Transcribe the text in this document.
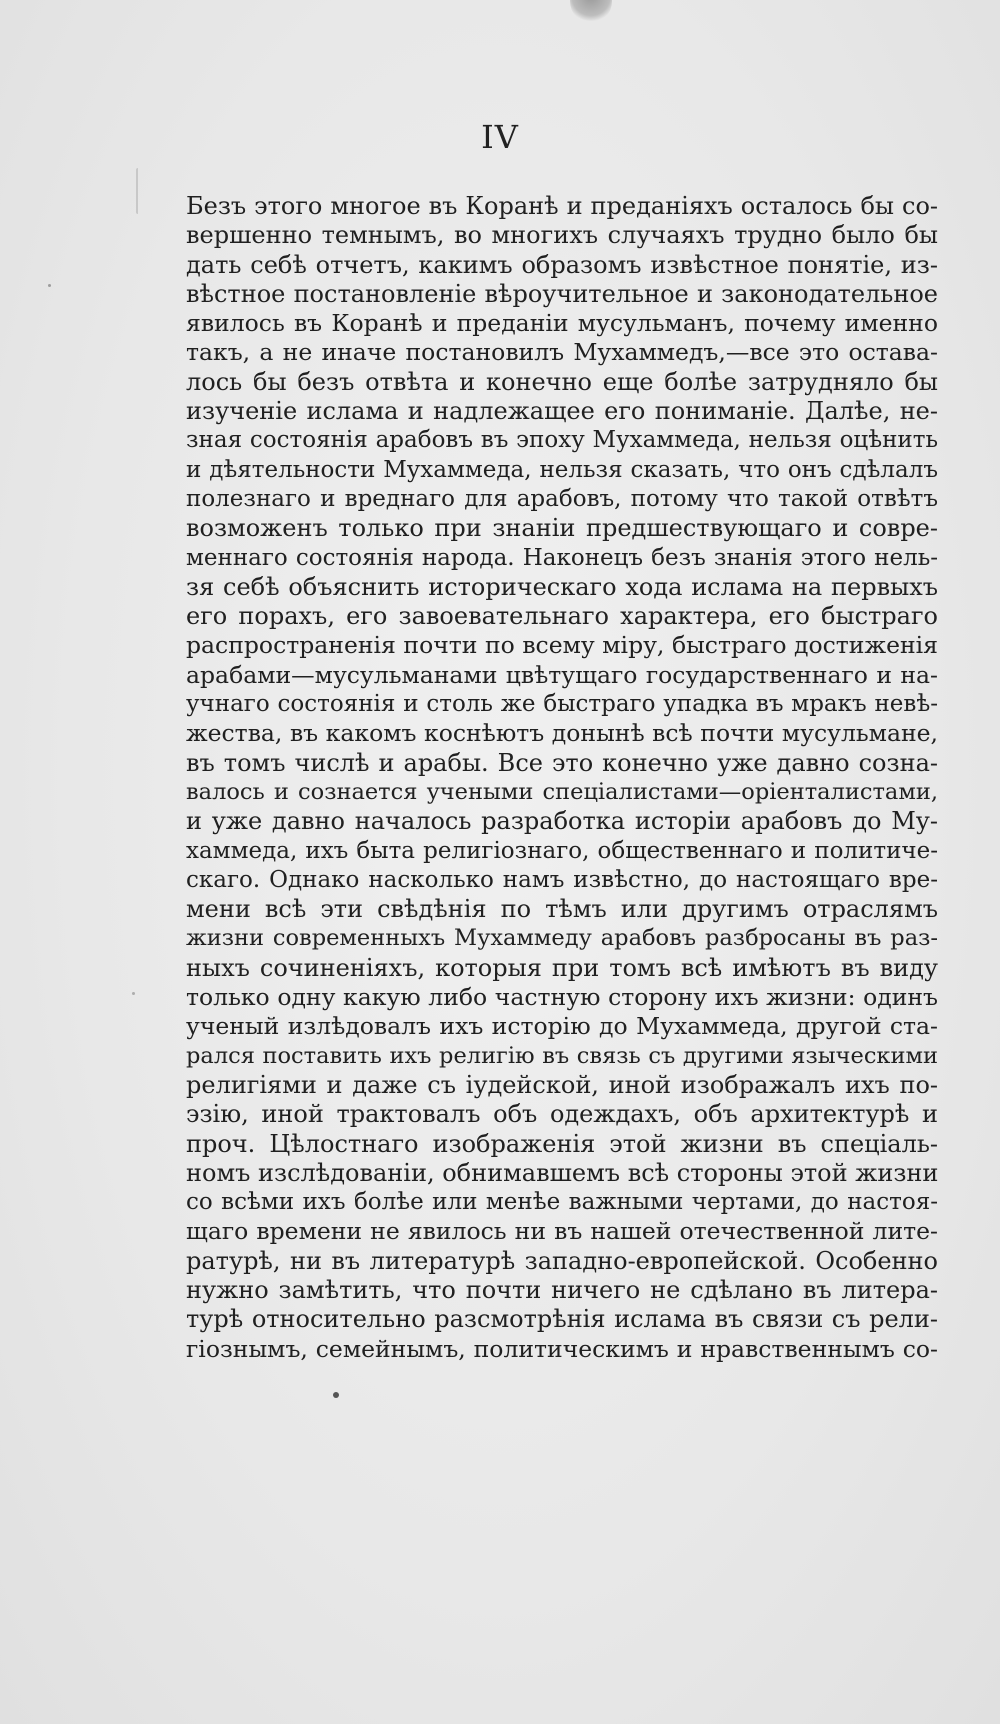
IV
Безъ этого многое въ Коранѣ и преданіяхъ осталось бы со-
вершенно темнымъ, во многихъ случаяхъ трудно было бы
дать себѣ отчетъ, какимъ образомъ извѣстное понятіе, из-
вѣстное постановленіе вѣроучительное и законодательное
явилось въ Коранѣ и преданіи мусульманъ, почему именно
такъ, а не иначе постановилъ Мухаммедъ,—все это остава-
лось бы безъ отвѣта и конечно еще болѣе затрудняло бы
изученіе ислама и надлежащее его пониманіе. Далѣе, не-
зная состоянія арабовъ въ эпоху Мухаммеда, нельзя оцѣнить
и дѣятельности Мухаммеда, нельзя сказать, что онъ сдѣлалъ
полезнаго и вреднаго для арабовъ, потому что такой отвѣтъ
возможенъ только при знаніи предшествующаго и совре-
меннаго состоянія народа. Наконецъ безъ знанія этого нель-
зя себѣ объяснить историческаго хода ислама на первыхъ
его порахъ, его завоевательнаго характера, его быстраго
распространенія почти по всему міру, быстраго достиженія
арабами—мусульманами цвѣтущаго государственнаго и на-
учнаго состоянія и столь же быстраго упадка въ мракъ невѣ-
жества, въ какомъ коснѣютъ донынѣ всѣ почти мусульмане,
въ томъ числѣ и арабы. Все это конечно уже давно созна-
валось и сознается учеными спеціалистами—оріенталистами,
и уже давно началось разработка исторіи арабовъ до Му-
хаммеда, ихъ быта религіознаго, общественнаго и политиче-
скаго. Однако насколько намъ извѣстно, до настоящаго вре-
мени всѣ эти свѣдѣнія по тѣмъ или другимъ отраслямъ
жизни современныхъ Мухаммеду арабовъ разбросаны въ раз-
ныхъ сочиненіяхъ, которыя при томъ всѣ имѣютъ въ виду
только одну какую либо частную сторону ихъ жизни: одинъ
ученый излѣдовалъ ихъ исторію до Мухаммеда, другой ста-
рался поставить ихъ религію въ связь съ другими языческими
религіями и даже съ іудейской, иной изображалъ ихъ по-
эзію, иной трактовалъ объ одеждахъ, объ архитектурѣ и
проч. Цѣлостнаго изображенія этой жизни въ спеціаль-
номъ изслѣдованіи, обнимавшемъ всѣ стороны этой жизни
со всѣми ихъ болѣе или менѣе важными чертами, до настоя-
щаго времени не явилось ни въ нашей отечественной лите-
ратурѣ, ни въ литературѣ западно-европейской. Особенно
нужно замѣтить, что почти ничего не сдѣлано въ литера-
турѣ относительно разсмотрѣнія ислама въ связи съ рели-
гіознымъ, семейнымъ, политическимъ и нравственнымъ со-
